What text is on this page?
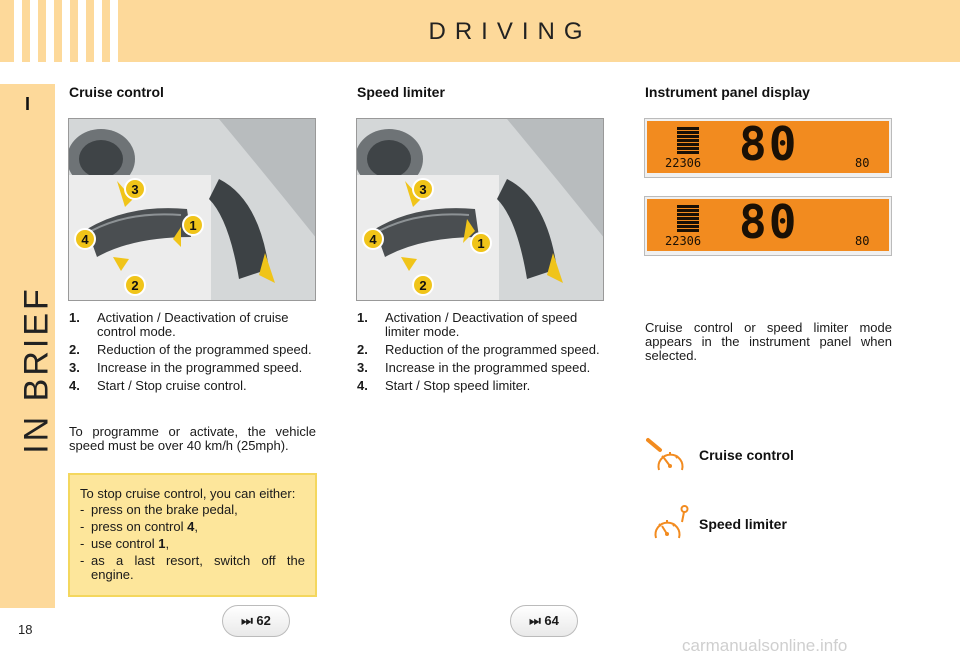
DRIVING
I
IN BRIEF
18
Cruise control	Speed limiter	Instrument panel display
3
1
4
2
3
1
4
2
80
22306	80
80
22306	80
1. Activation / Deactivation of cruise control mode.
2. Reduction of the programmed speed.
3. Increase in the programmed speed.
4. Start / Stop cruise control.

To programme or activate, the vehicle speed must be over 40 km/h (25mph).

To stop cruise control, you can either:

- press on the brake pedal,
- press on control 4,
- use control 1,
- as a last resort, switch off the engine.
1. Activation / Deactivation of speed limiter mode.
2. Reduction of the programmed speed.
3. Increase in the programmed speed.
4. Start / Stop speed limiter.

Cruise control or speed limiter mode appears in the instrument panel when selected.

Cruise control
Speed limiter
⏭ 62	⏭ 64
carmanualsonline.info
